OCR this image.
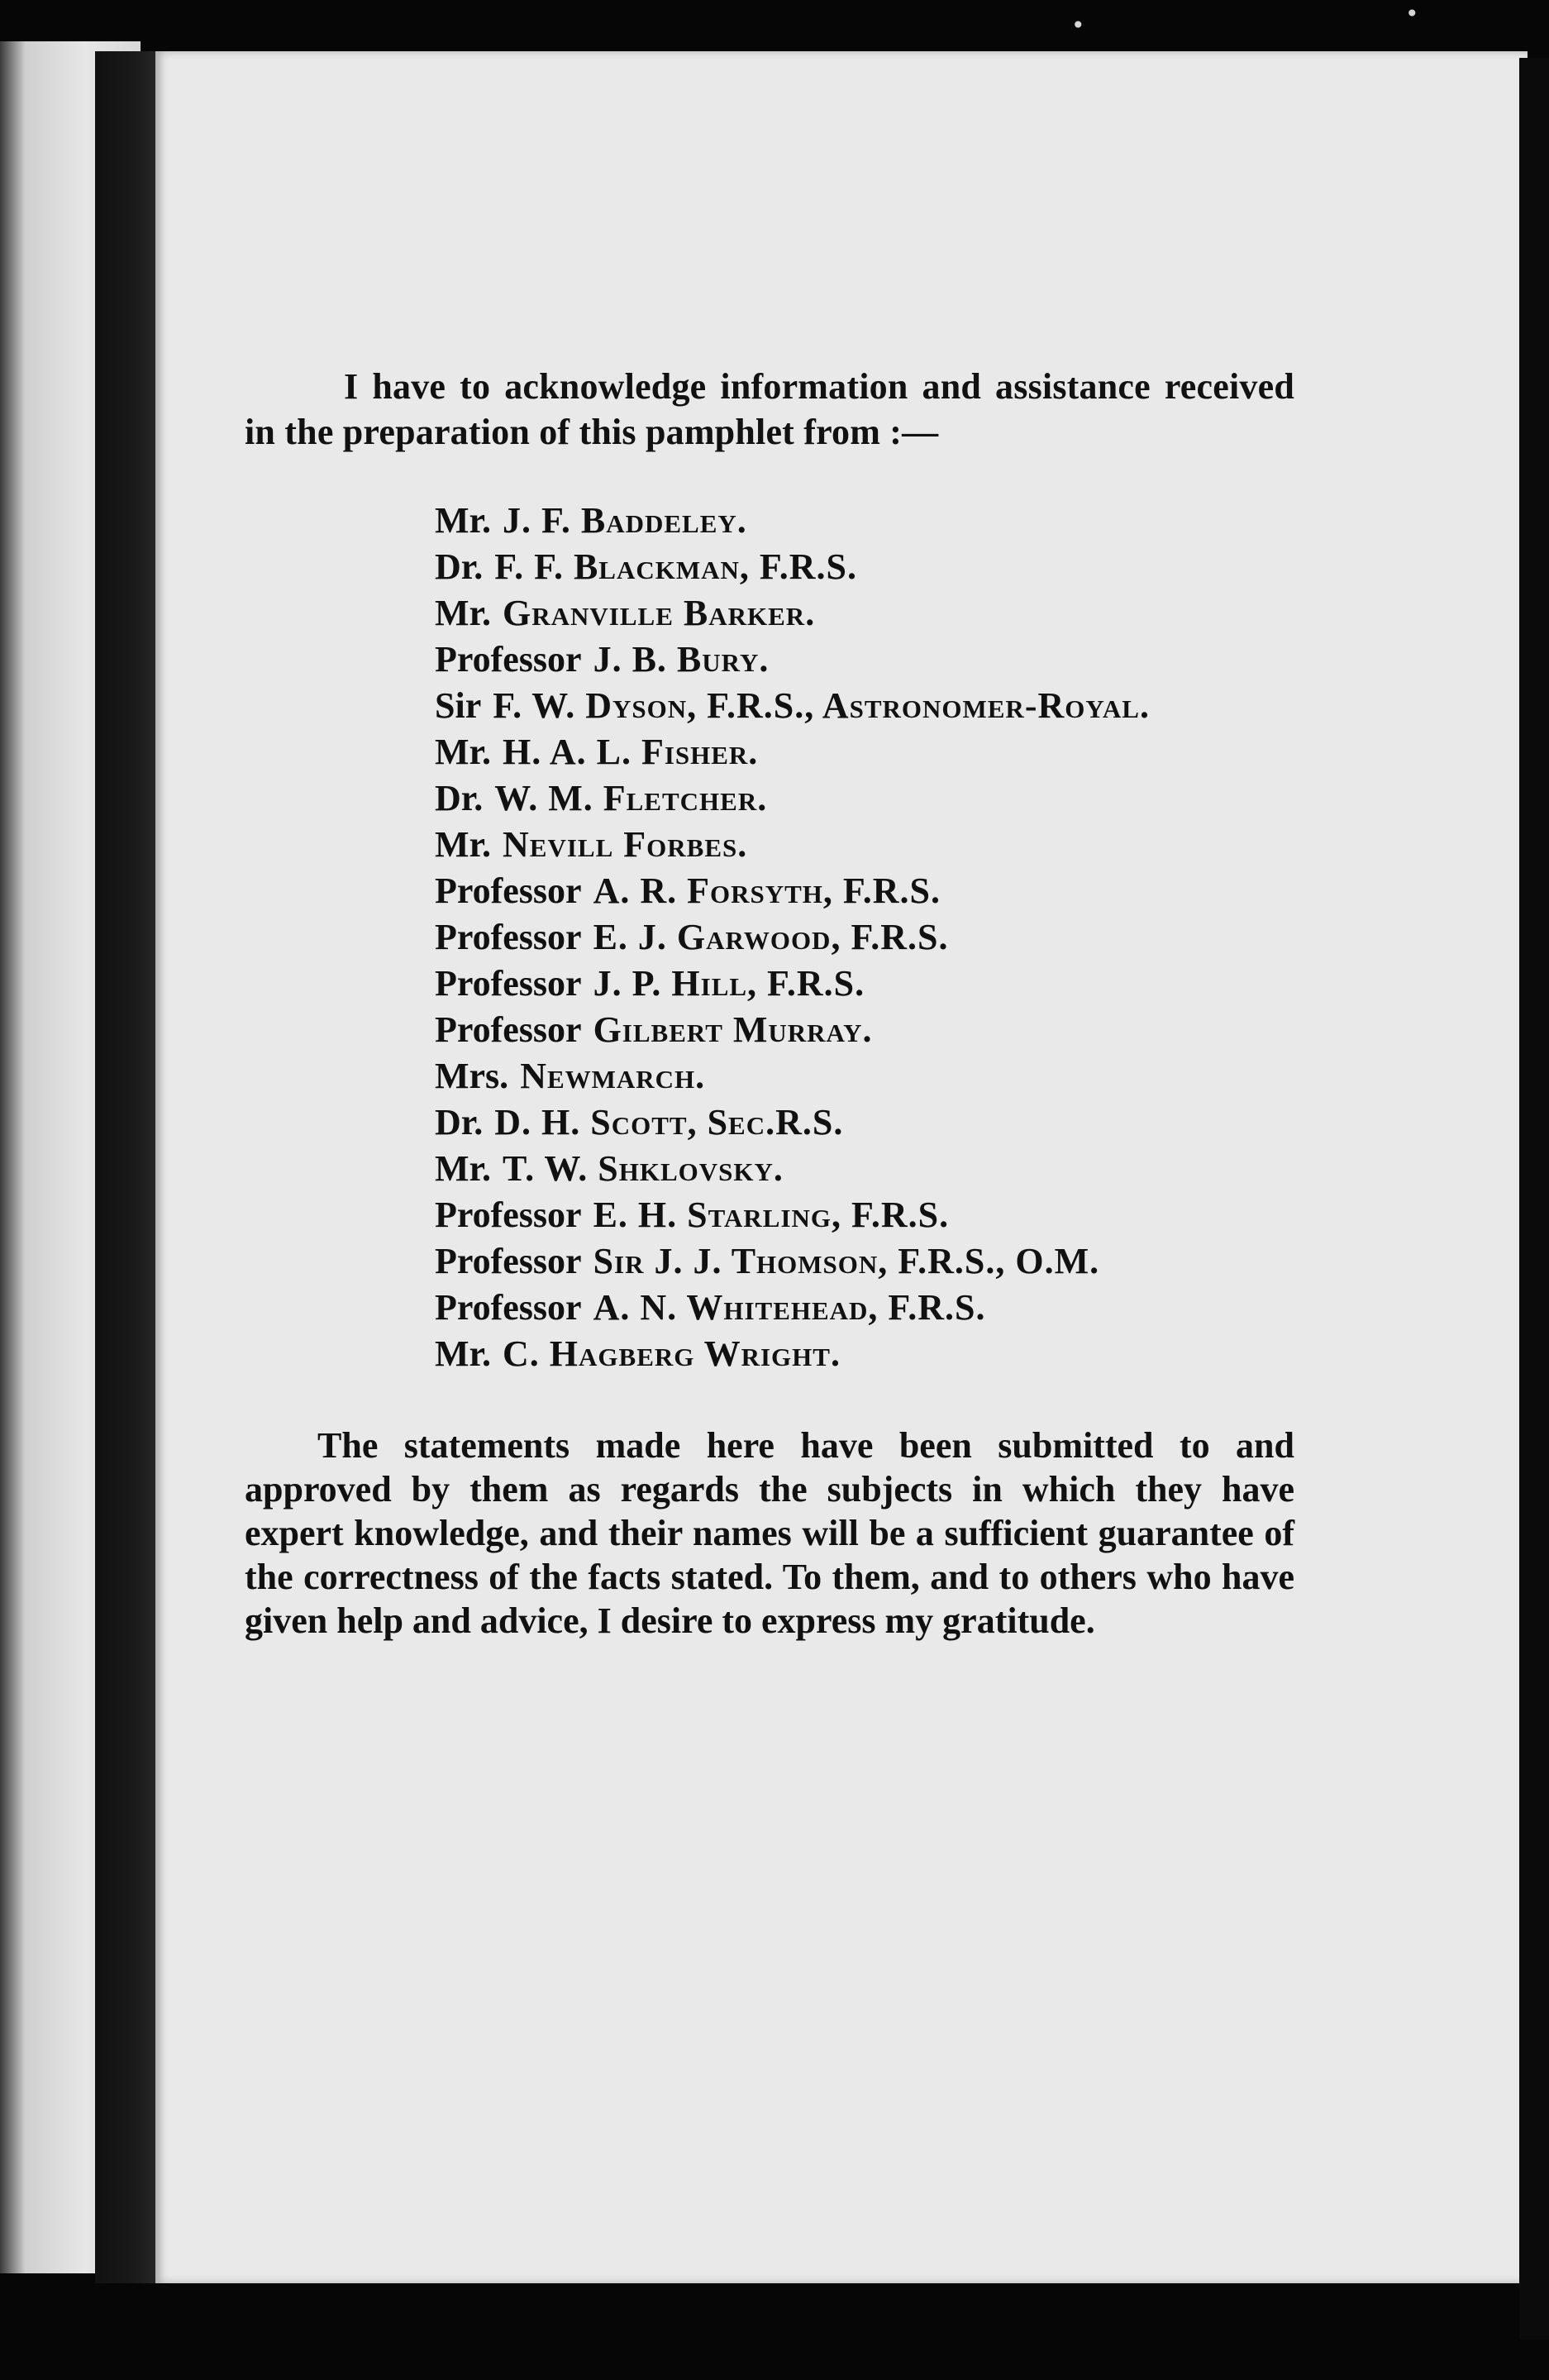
•	•

I have to acknowledge information and assistance received in the preparation of this pamphlet from :—

Mr. J. F. Baddeley.
Dr. F. F. Blackman, F.R.S.
Mr. Granville Barker.
Professor J. B. Bury.
Sir F. W. Dyson, F.R.S., Astronomer-Royal.
Mr. H. A. L. Fisher.
Dr. W. M. Fletcher.
Mr. Nevill Forbes.
Professor A. R. Forsyth, F.R.S.
Professor E. J. Garwood, F.R.S.
Professor J. P. Hill, F.R.S.
Professor Gilbert Murray.
Mrs. Newmarch.
Dr. D. H. Scott, Sec.R.S.
Mr. T. W. Shklovsky.
Professor E. H. Starling, F.R.S.
Professor Sir J. J. Thomson, F.R.S., O.M.
Professor A. N. Whitehead, F.R.S.
Mr. C. Hagberg Wright.

The statements made here have been submitted to and approved by them as regards the subjects in which they have expert knowledge, and their names will be a sufficient guarantee of the correctness of the facts stated. To them, and to others who have given help and advice, I desire to express my gratitude.
